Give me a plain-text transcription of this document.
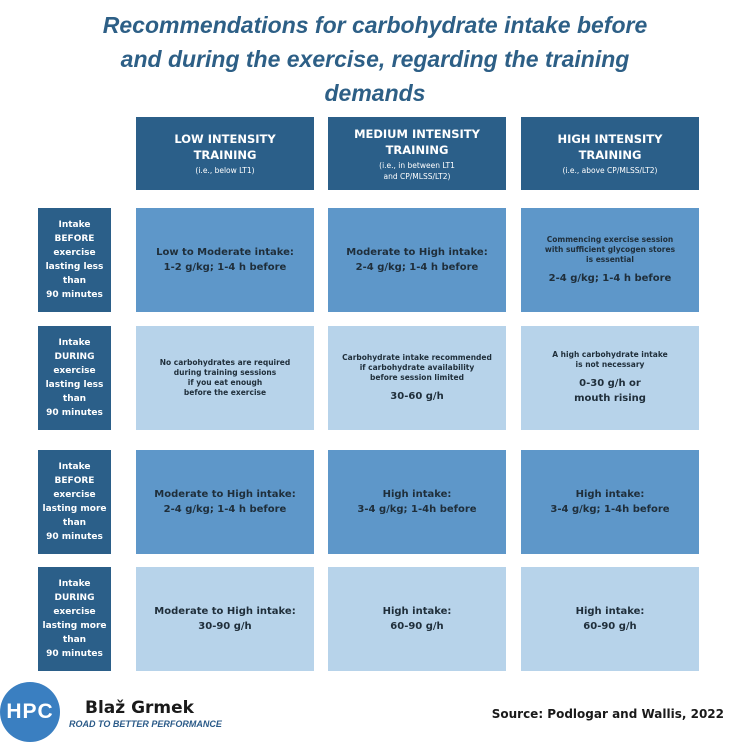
Recommendations for carbohydrate intake before
and during the exercise, regarding the training
demands
LOW INTENSITY TRAINING
(i.e., below LT1)
MEDIUM INTENSITY
TRAINING
(i.e., in between LT1
and CP/MLSS/LT2)
HIGH INTENSITY TRAINING
(i.e., above CP/MLSS/LT2)
Intake
BEFORE
exercise
lasting less
than
90 minutes
Low to Moderate intake:
1-2 g/kg; 1-4 h before
Moderate to High intake:
2-4 g/kg; 1-4 h before
Commencing exercise session
with sufficient glycogen stores
is essential
2-4 g/kg; 1-4 h before
Intake
DURING
exercise
lasting less
than
90 minutes
No carbohydrates are required
during training sessions
if you eat enough
before the exercise
Carbohydrate intake recommended
if carbohydrate availability
before session limited
30-60 g/h
A high carbohydrate intake
is not necessary
0-30 g/h or
mouth rising
Intake
BEFORE
exercise
lasting more
than
90 minutes
Moderate to High intake:
2-4 g/kg; 1-4 h before
High intake:
3-4 g/kg; 1-4h before
High intake:
3-4 g/kg; 1-4h before
Intake
DURING
exercise
lasting more
than
90 minutes
Moderate to High intake:
30-90 g/h
High intake:
60-90 g/h
High intake:
60-90 g/h
HPC Blaž Grmek
ROAD TO BETTER PERFORMANCE
Source: Podlogar and Wallis, 2022
